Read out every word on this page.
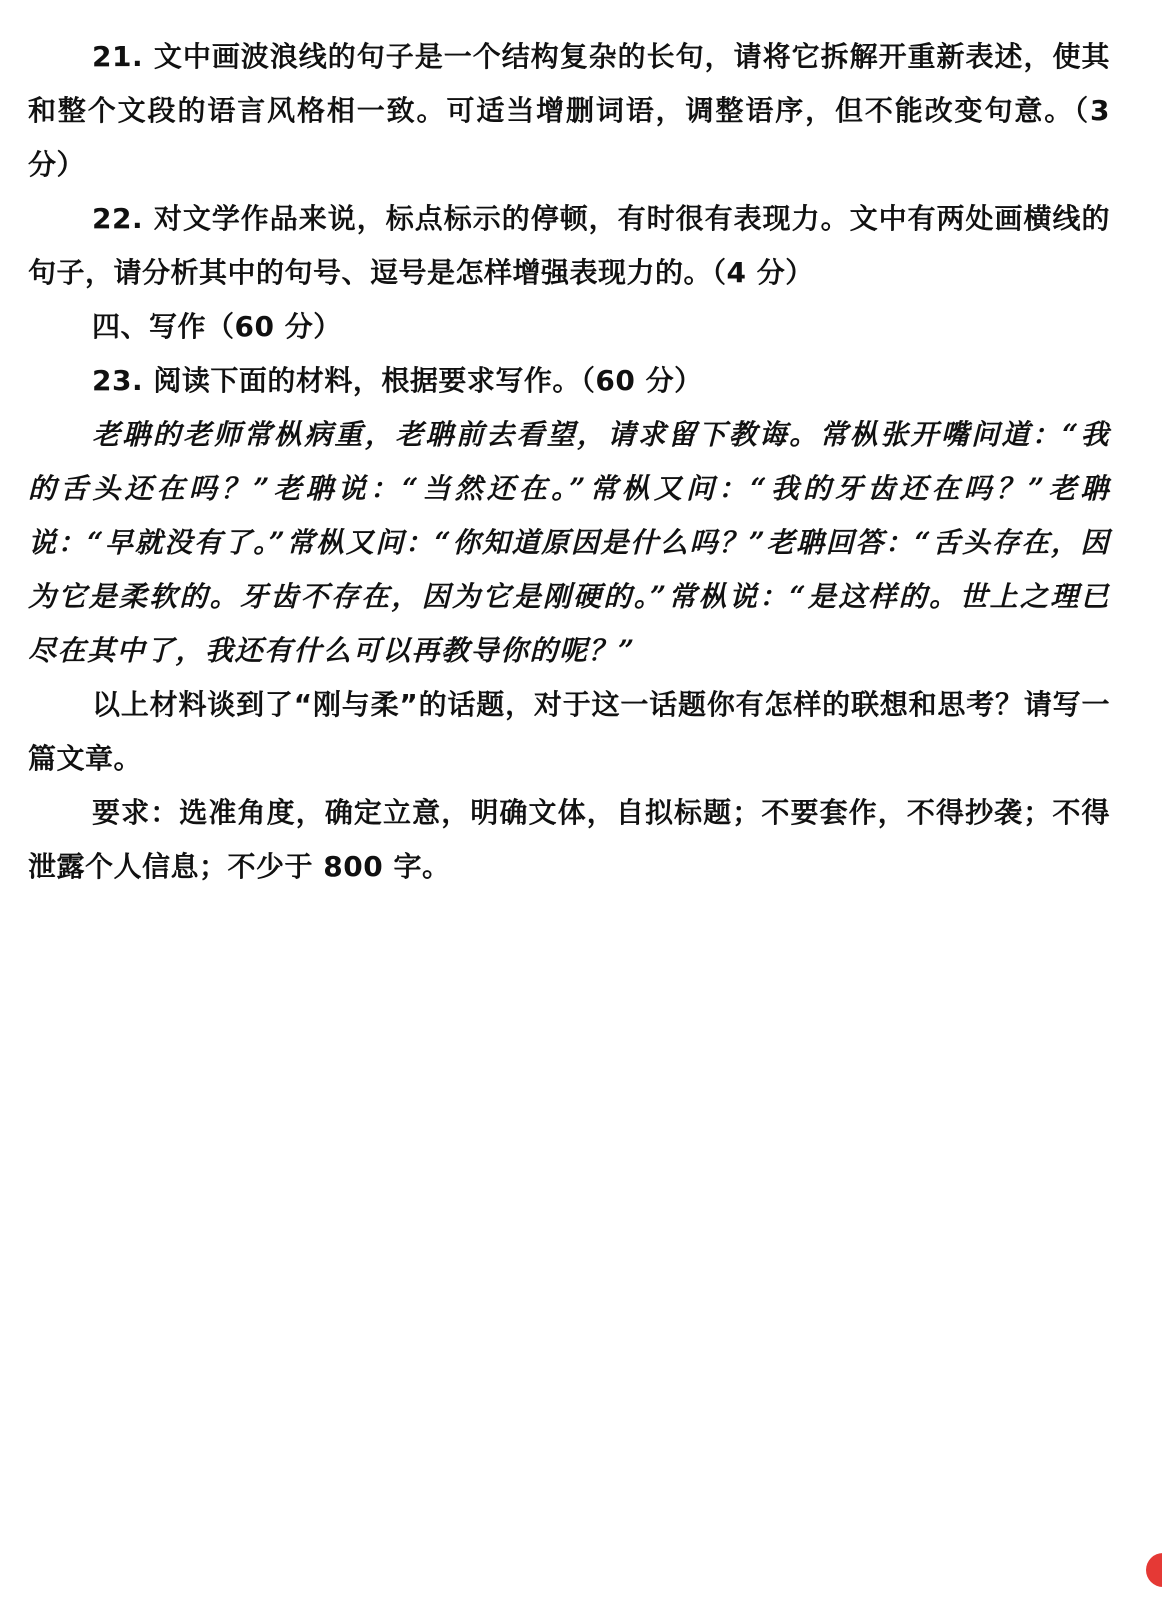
21. 文中画波浪线的句子是一个结构复杂的长句，请将它拆解开重新表述，使其和整个文段的语言风格相一致。可适当增删词语，调整语序，但不能改变句意。（3 分）

22. 对文学作品来说，标点标示的停顿，有时很有表现力。文中有两处画横线的句子，请分析其中的句号、逗号是怎样增强表现力的。（4 分）

四、写作（60 分）

23. 阅读下面的材料，根据要求写作。（60 分）

老聃的老师常枞病重，老聃前去看望，请求留下教诲。常枞张开嘴问道：“我的舌头还在吗？”老聃说：“当然还在。”常枞又问：“我的牙齿还在吗？”老聃说：“早就没有了。”常枞又问：“你知道原因是什么吗？”老聃回答：“舌头存在，因为它是柔软的。牙齿不存在，因为它是刚硬的。”常枞说：“是这样的。世上之理已尽在其中了，我还有什么可以再教导你的呢？”

以上材料谈到了“刚与柔”的话题，对于这一话题你有怎样的联想和思考？请写一篇文章。

要求：选准角度，确定立意，明确文体，自拟标题；不要套作，不得抄袭；不得泄露个人信息；不少于 800 字。
